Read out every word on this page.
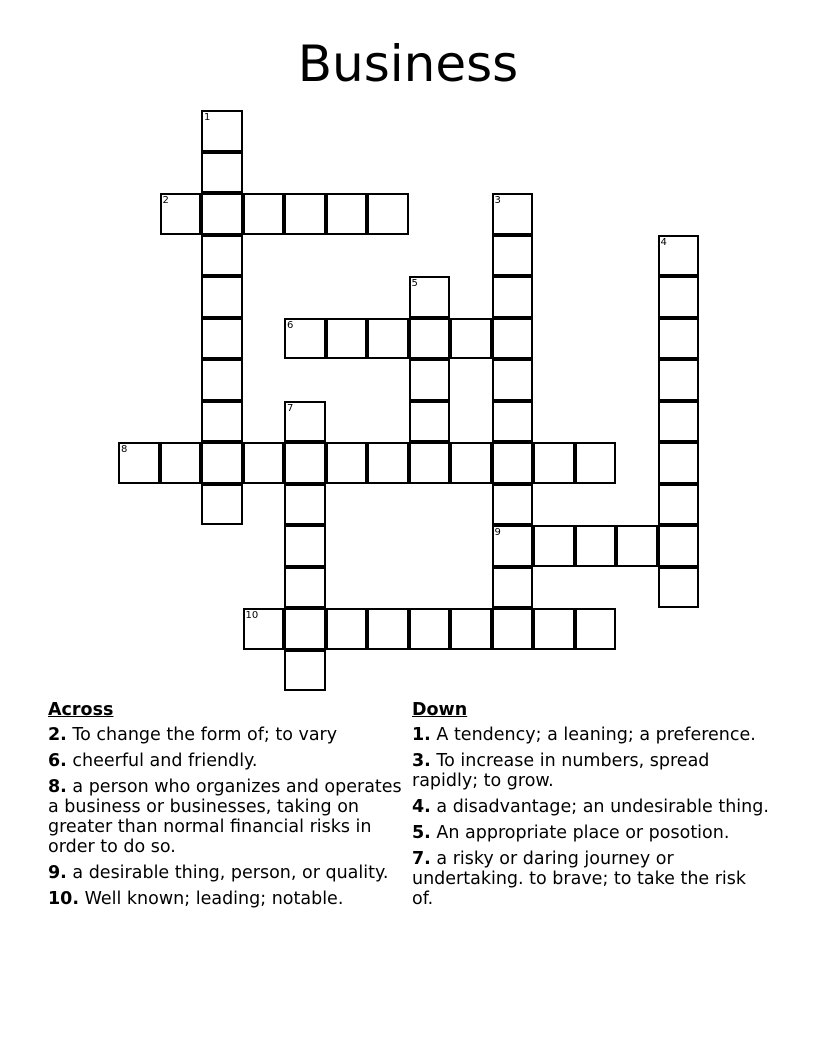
Business
1
2	3
9
4
5
6
7
8
10
Across
2. To change the form of; to vary
6. cheerful and friendly.
8. a person who organizes and operates a business or businesses, taking on greater than normal financial risks in order to do so.
9. a desirable thing, person, or quality.
10. Well known; leading; notable.
Down
1. A tendency; a leaning; a preference.
3. To increase in numbers, spread rapidly; to grow.
4. a disadvantage; an undesirable thing.
5. An appropriate place or posotion.
7. a risky or daring journey or undertaking. to brave; to take the risk of.
